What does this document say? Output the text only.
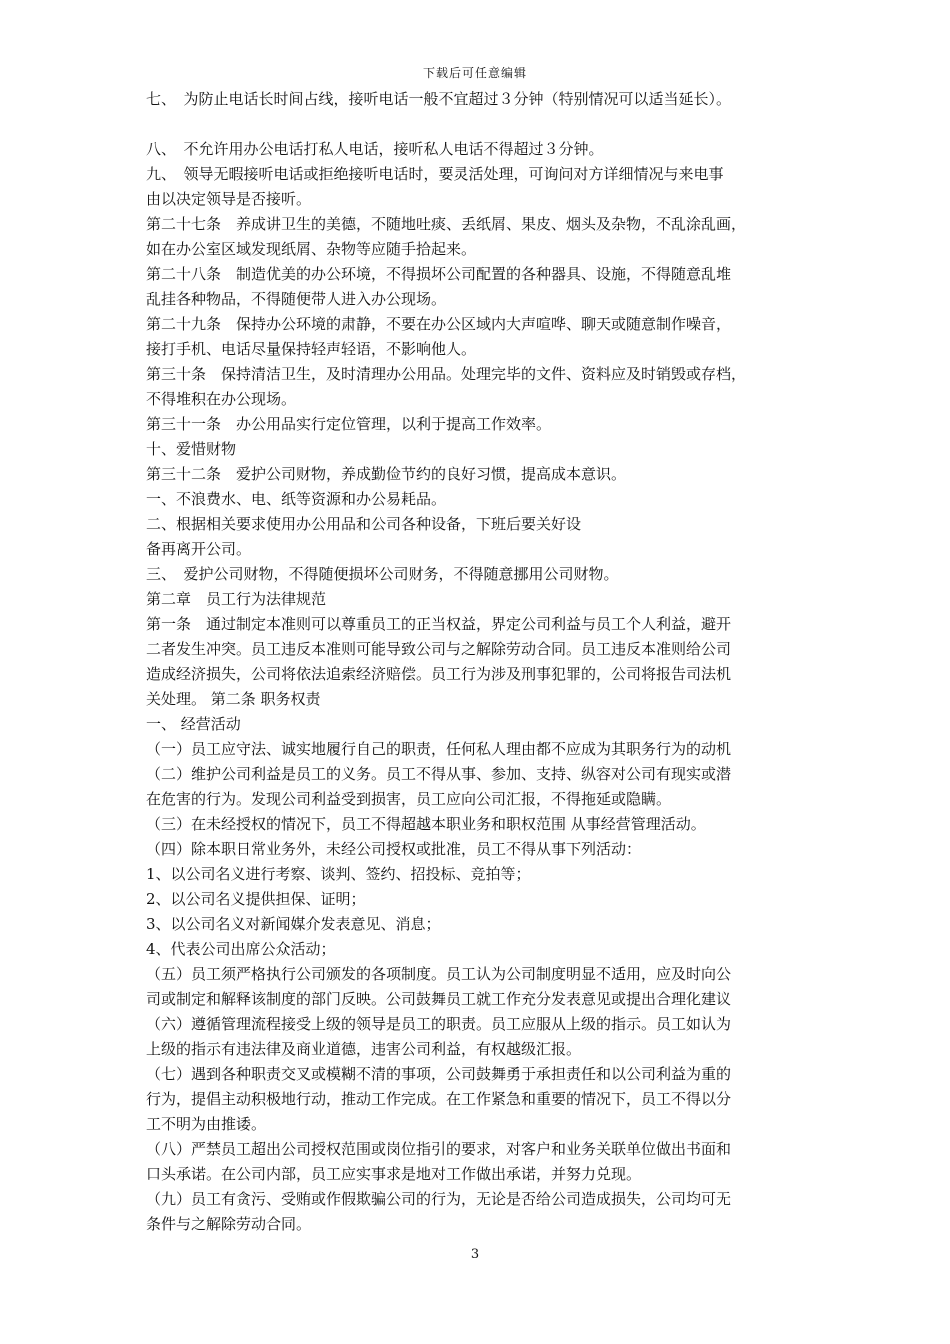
下载后可任意编辑
七、　为防止电话长时间占线，接听电话一般不宜超过３分钟（特别情况可以适当延长）。
八、　不允许用办公电话打私人电话，接听私人电话不得超过３分钟。
九、　领导无暇接听电话或拒绝接听电话时，要灵活处理，可询问对方详细情况与来电事
由以决定领导是否接听。
第二十七条　养成讲卫生的美德，不随地吐痰、丢纸屑、果皮、烟头及杂物，不乱涂乱画，
如在办公室区域发现纸屑、杂物等应随手拾起来。
第二十八条　制造优美的办公环境，不得损坏公司配置的各种器具、设施，不得随意乱堆
乱挂各种物品，不得随便带人进入办公现场。
第二十九条　保持办公环境的肃静，不要在办公区域内大声喧哗、聊天或随意制作噪音，
接打手机、电话尽量保持轻声轻语，不影响他人。
第三十条　保持清洁卫生，及时清理办公用品。处理完毕的文件、资料应及时销毁或存档，
不得堆积在办公现场。
第三十一条　办公用品实行定位管理，以利于提高工作效率。
十、爱惜财物
第三十二条　爱护公司财物，养成勤俭节约的良好习惯，提高成本意识。
一、不浪费水、电、纸等资源和办公易耗品。
二、根据相关要求使用办公用品和公司各种设备，下班后要关好设
备再离开公司。
三、　爱护公司财物，不得随便损坏公司财务，不得随意挪用公司财物。
第二章　员工行为法律规范
第一条　通过制定本准则可以尊重员工的正当权益，界定公司利益与员工个人利益，避开
二者发生冲突。员工违反本准则可能导致公司与之解除劳动合同。员工违反本准则给公司
造成经济损失，公司将依法追索经济赔偿。员工行为涉及刑事犯罪的，公司将报告司法机
关处理。 第二条 职务权责
一、 经营活动
（一）员工应守法、诚实地履行自己的职责，任何私人理由都不应成为其职务行为的动机
（二）维护公司利益是员工的义务。员工不得从事、参加、支持、纵容对公司有现实或潜
在危害的行为。发现公司利益受到损害，员工应向公司汇报，不得拖延或隐瞒。
（三）在未经授权的情况下，员工不得超越本职业务和职权范围 从事经营管理活动。
（四）除本职日常业务外，未经公司授权或批准，员工不得从事下列活动：
1、以公司名义进行考察、谈判、签约、招投标、竞拍等；
2、以公司名义提供担保、证明；
3、以公司名义对新闻媒介发表意见、消息；
4、代表公司出席公众活动；
（五）员工须严格执行公司颁发的各项制度。员工认为公司制度明显不适用，应及时向公
司或制定和解释该制度的部门反映。公司鼓舞员工就工作充分发表意见或提出合理化建议
（六）遵循管理流程接受上级的领导是员工的职责。员工应服从上级的指示。员工如认为
上级的指示有违法律及商业道德，违害公司利益，有权越级汇报。
（七）遇到各种职责交叉或模糊不清的事项，公司鼓舞勇于承担责任和以公司利益为重的
行为，提倡主动积极地行动，推动工作完成。在工作紧急和重要的情况下，员工不得以分
工不明为由推诿。
（八）严禁员工超出公司授权范围或岗位指引的要求，对客户和业务关联单位做出书面和
口头承诺。在公司内部，员工应实事求是地对工作做出承诺，并努力兑现。
（九）员工有贪污、受贿或作假欺骗公司的行为，无论是否给公司造成损失，公司均可无
条件与之解除劳动合同。
3
